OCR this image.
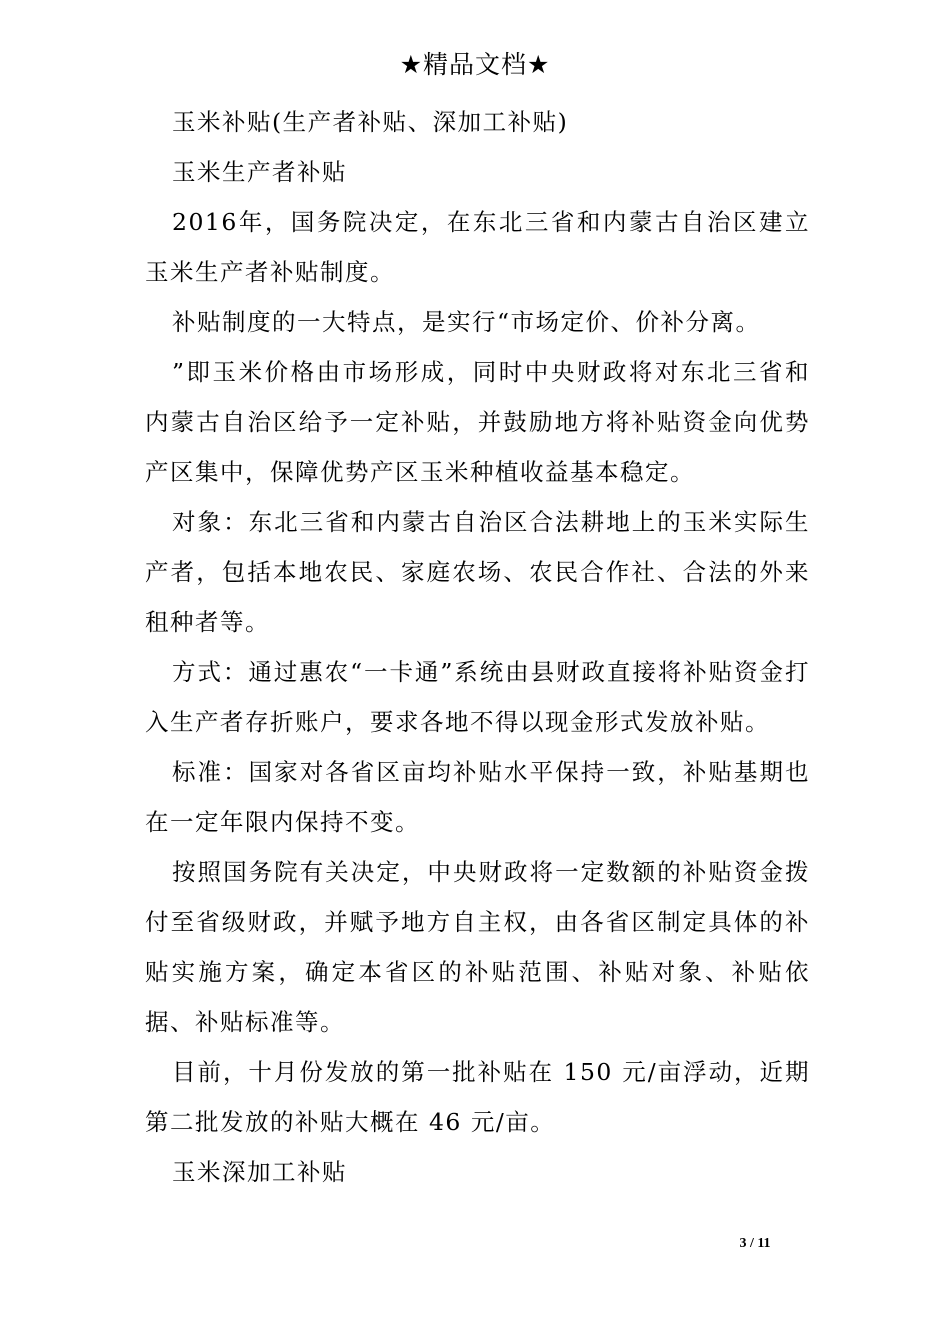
★精品文档★

玉米补贴(生产者补贴、深加工补贴)

玉米生产者补贴

2016年，国务院决定，在东北三省和内蒙古自治区建立玉米生产者补贴制度。

补贴制度的一大特点，是实行“市场定价、价补分离。

”即玉米价格由市场形成，同时中央财政将对东北三省和内蒙古自治区给予一定补贴，并鼓励地方将补贴资金向优势产区集中，保障优势产区玉米种植收益基本稳定。

对象：东北三省和内蒙古自治区合法耕地上的玉米实际生产者，包括本地农民、家庭农场、农民合作社、合法的外来租种者等。

方式：通过惠农“一卡通”系统由县财政直接将补贴资金打入生产者存折账户，要求各地不得以现金形式发放补贴。

标准：国家对各省区亩均补贴水平保持一致，补贴基期也在一定年限内保持不变。

按照国务院有关决定，中央财政将一定数额的补贴资金拨付至省级财政，并赋予地方自主权，由各省区制定具体的补贴实施方案，确定本省区的补贴范围、补贴对象、补贴依据、补贴标准等。

目前，十月份发放的第一批补贴在 150 元/亩浮动，近期第二批发放的补贴大概在 46 元/亩。

玉米深加工补贴

3 / 11
